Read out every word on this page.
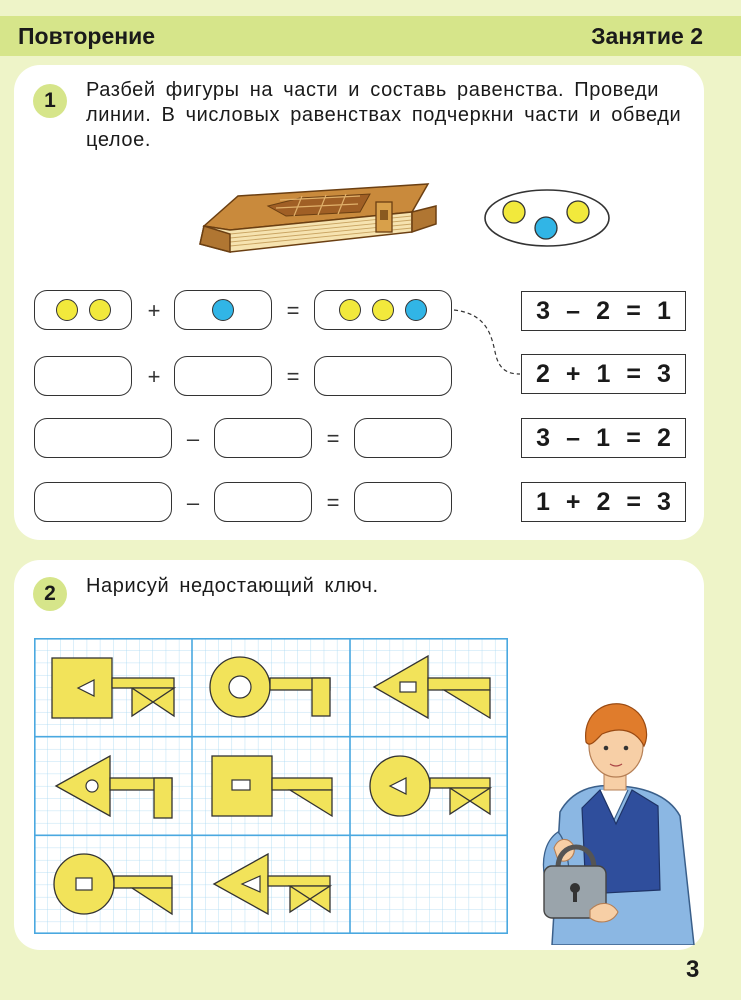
Повторение	Занятие 2
1	Разбей фигуры на части и составь равенства. Проведи линии. В числовых равенствах подчеркни части и обведи целое.
+	=
+	=
–	=
–	=
3 – 2 = 1
2 + 1 = 3
3 – 1 = 2
1 + 2 = 3
2	Нарисуй недостающий ключ.
3
